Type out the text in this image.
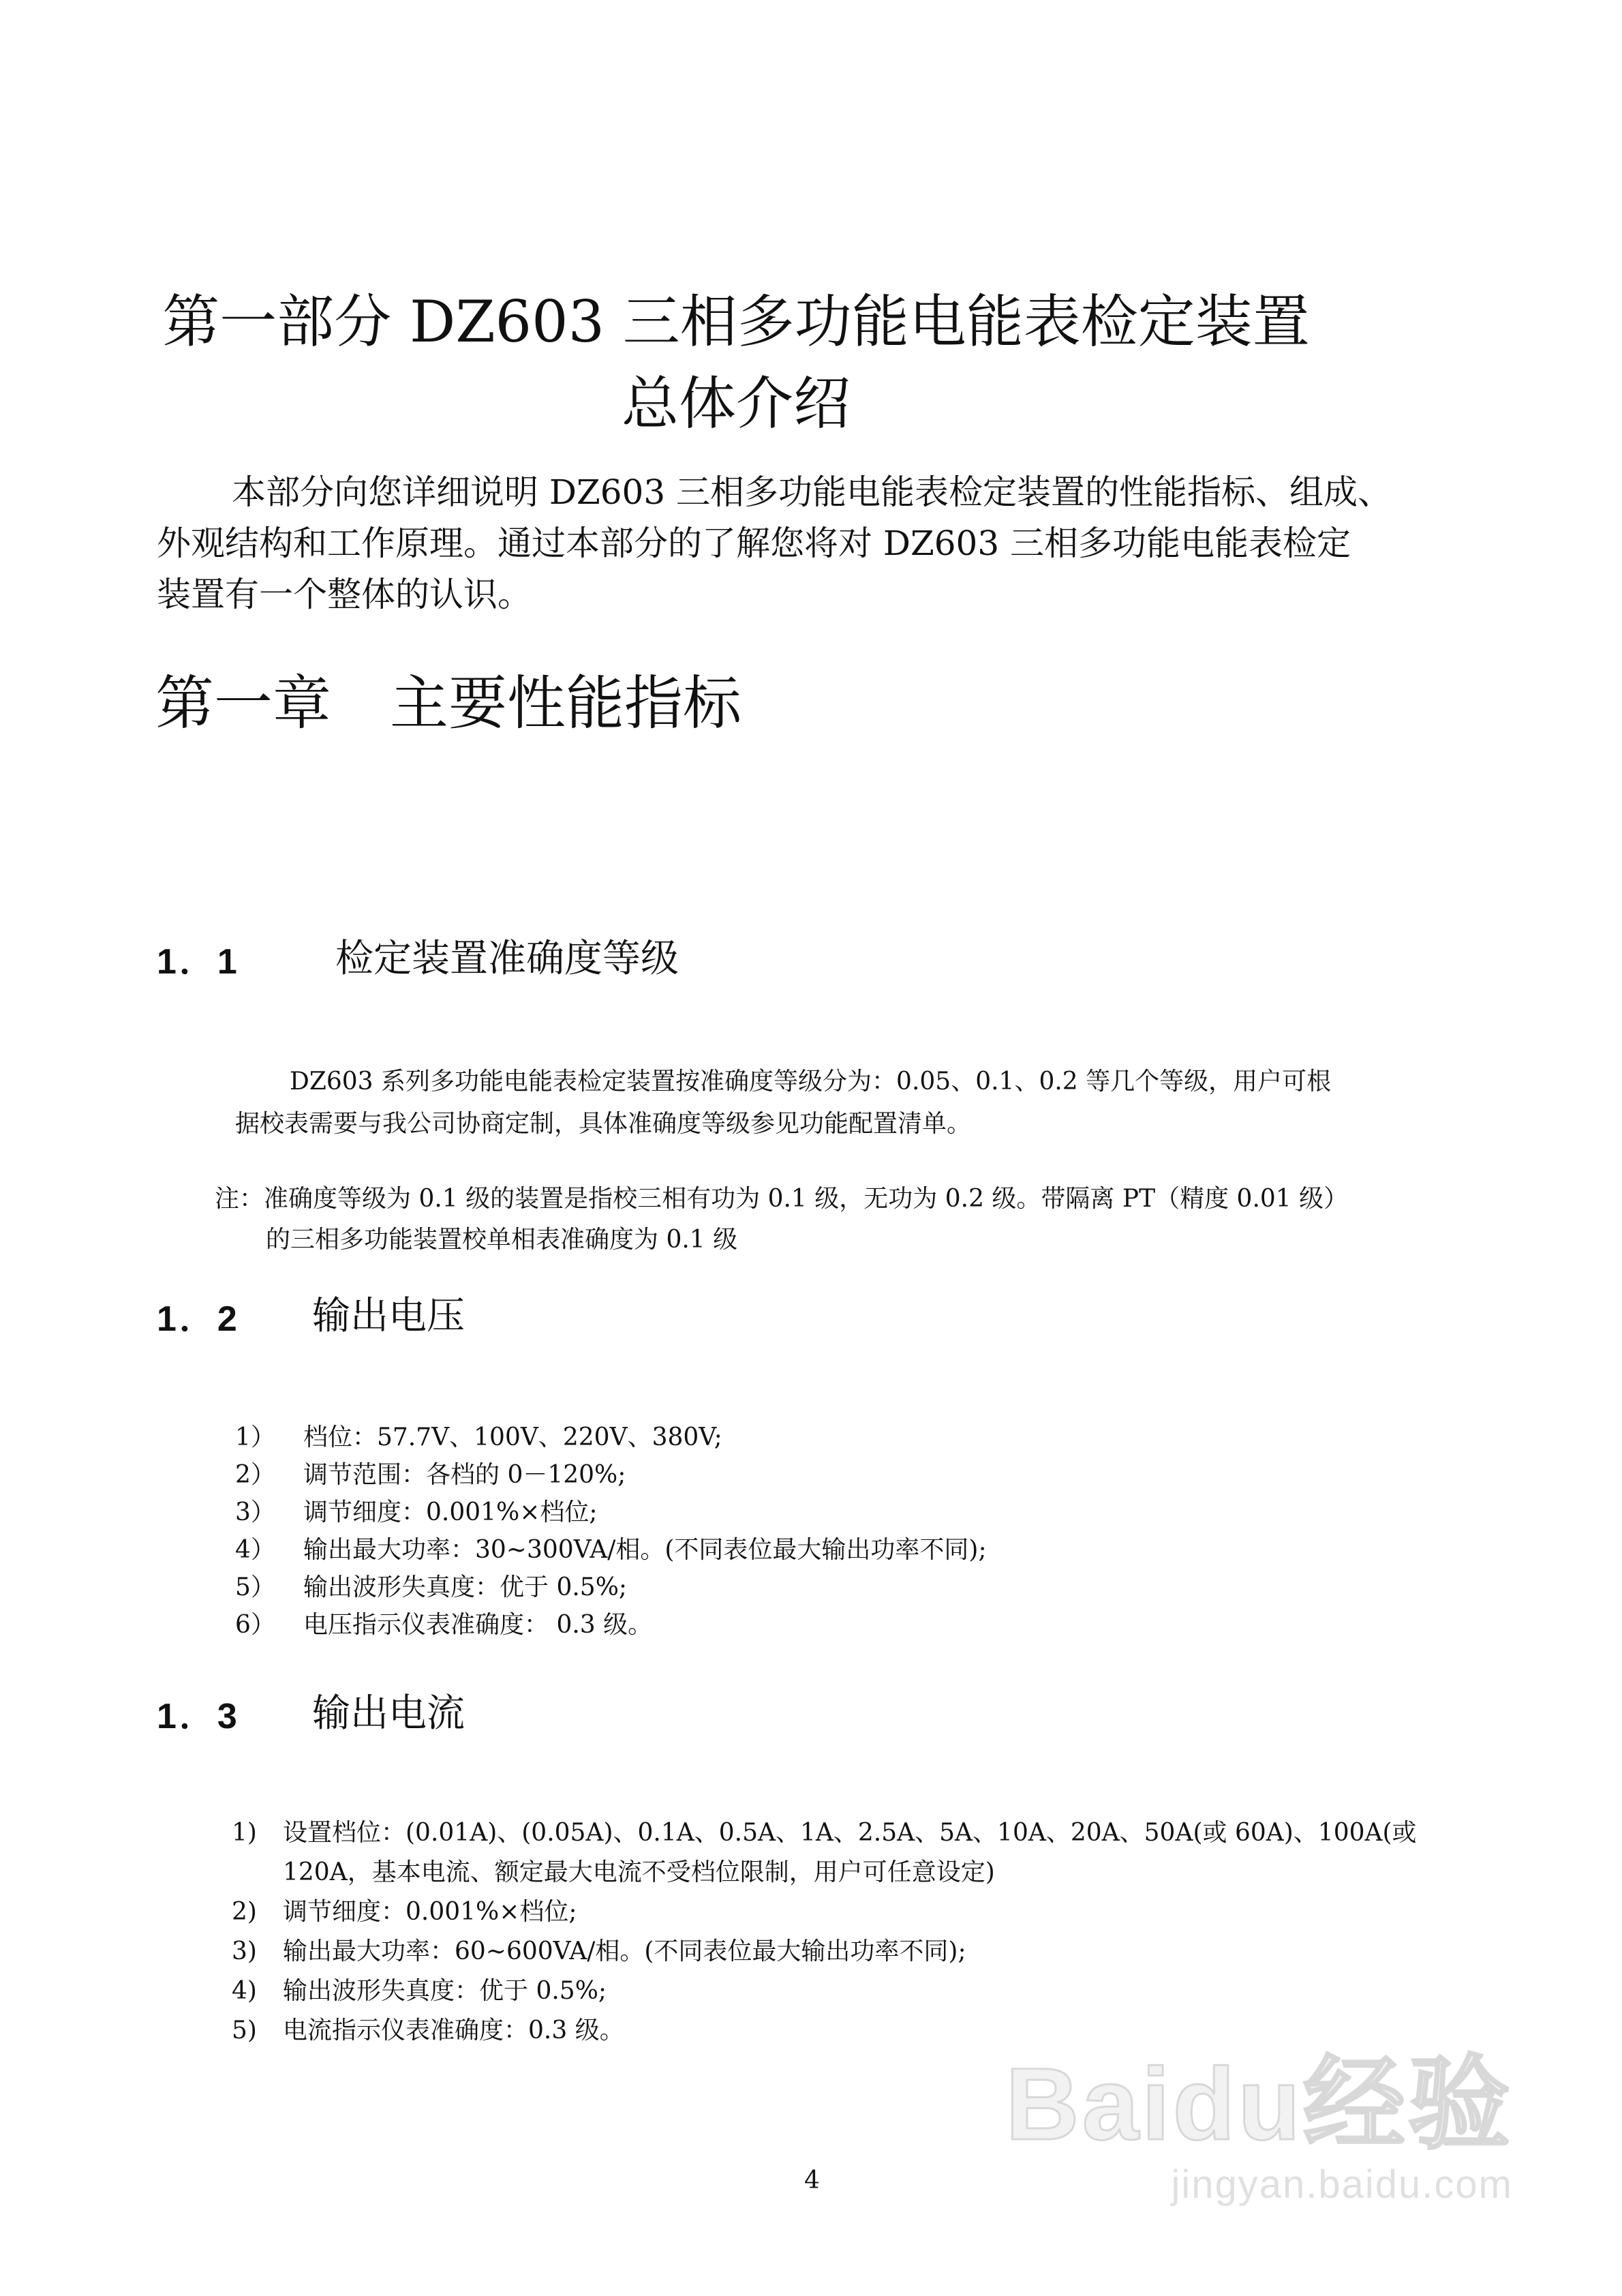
第一部分 DZ603 三相多功能电能表检定装置
总体介绍
本部分向您详细说明 DZ603 三相多功能电能表检定装置的性能指标、组成、
外观结构和工作原理。通过本部分的了解您将对 DZ603 三相多功能电能表检定
装置有一个整体的认识。
第一章　主要性能指标
1．1	检定装置准确度等级
DZ603 系列多功能电能表检定装置按准确度等级分为：0.05、0.1、0.2 等几个等级，用户可根
据校表需要与我公司协商定制，具体准确度等级参见功能配置清单。
注：准确度等级为 0.1 级的装置是指校三相有功为 0.1 级，无功为 0.2 级。带隔离 PT（精度 0.01 级）
的三相多功能装置校单相表准确度为 0.1 级
1．2 输出电压
1） 档位：57.7V、100V、220V、380V;
2） 调节范围：各档的 0－120%;
3） 调节细度：0.001%×档位;
4） 输出最大功率：30~300VA/相。(不同表位最大输出功率不同);
5） 输出波形失真度：优于 0.5%;
6） 电压指示仪表准确度： 0.3 级。
1．3 输出电流
1) 设置档位：(0.01A)、(0.05A)、0.1A、0.5A、1A、2.5A、5A、10A、20A、50A(或 60A)、100A(或
120A，基本电流、额定最大电流不受档位限制，用户可任意设定)
2) 调节细度：0.001%×档位;
3) 输出最大功率：60~600VA/相。(不同表位最大输出功率不同);
4) 输出波形失真度：优于 0.5%;
5) 电流指示仪表准确度：0.3 级。
4
Baidu经验
jingyan.baidu.com
